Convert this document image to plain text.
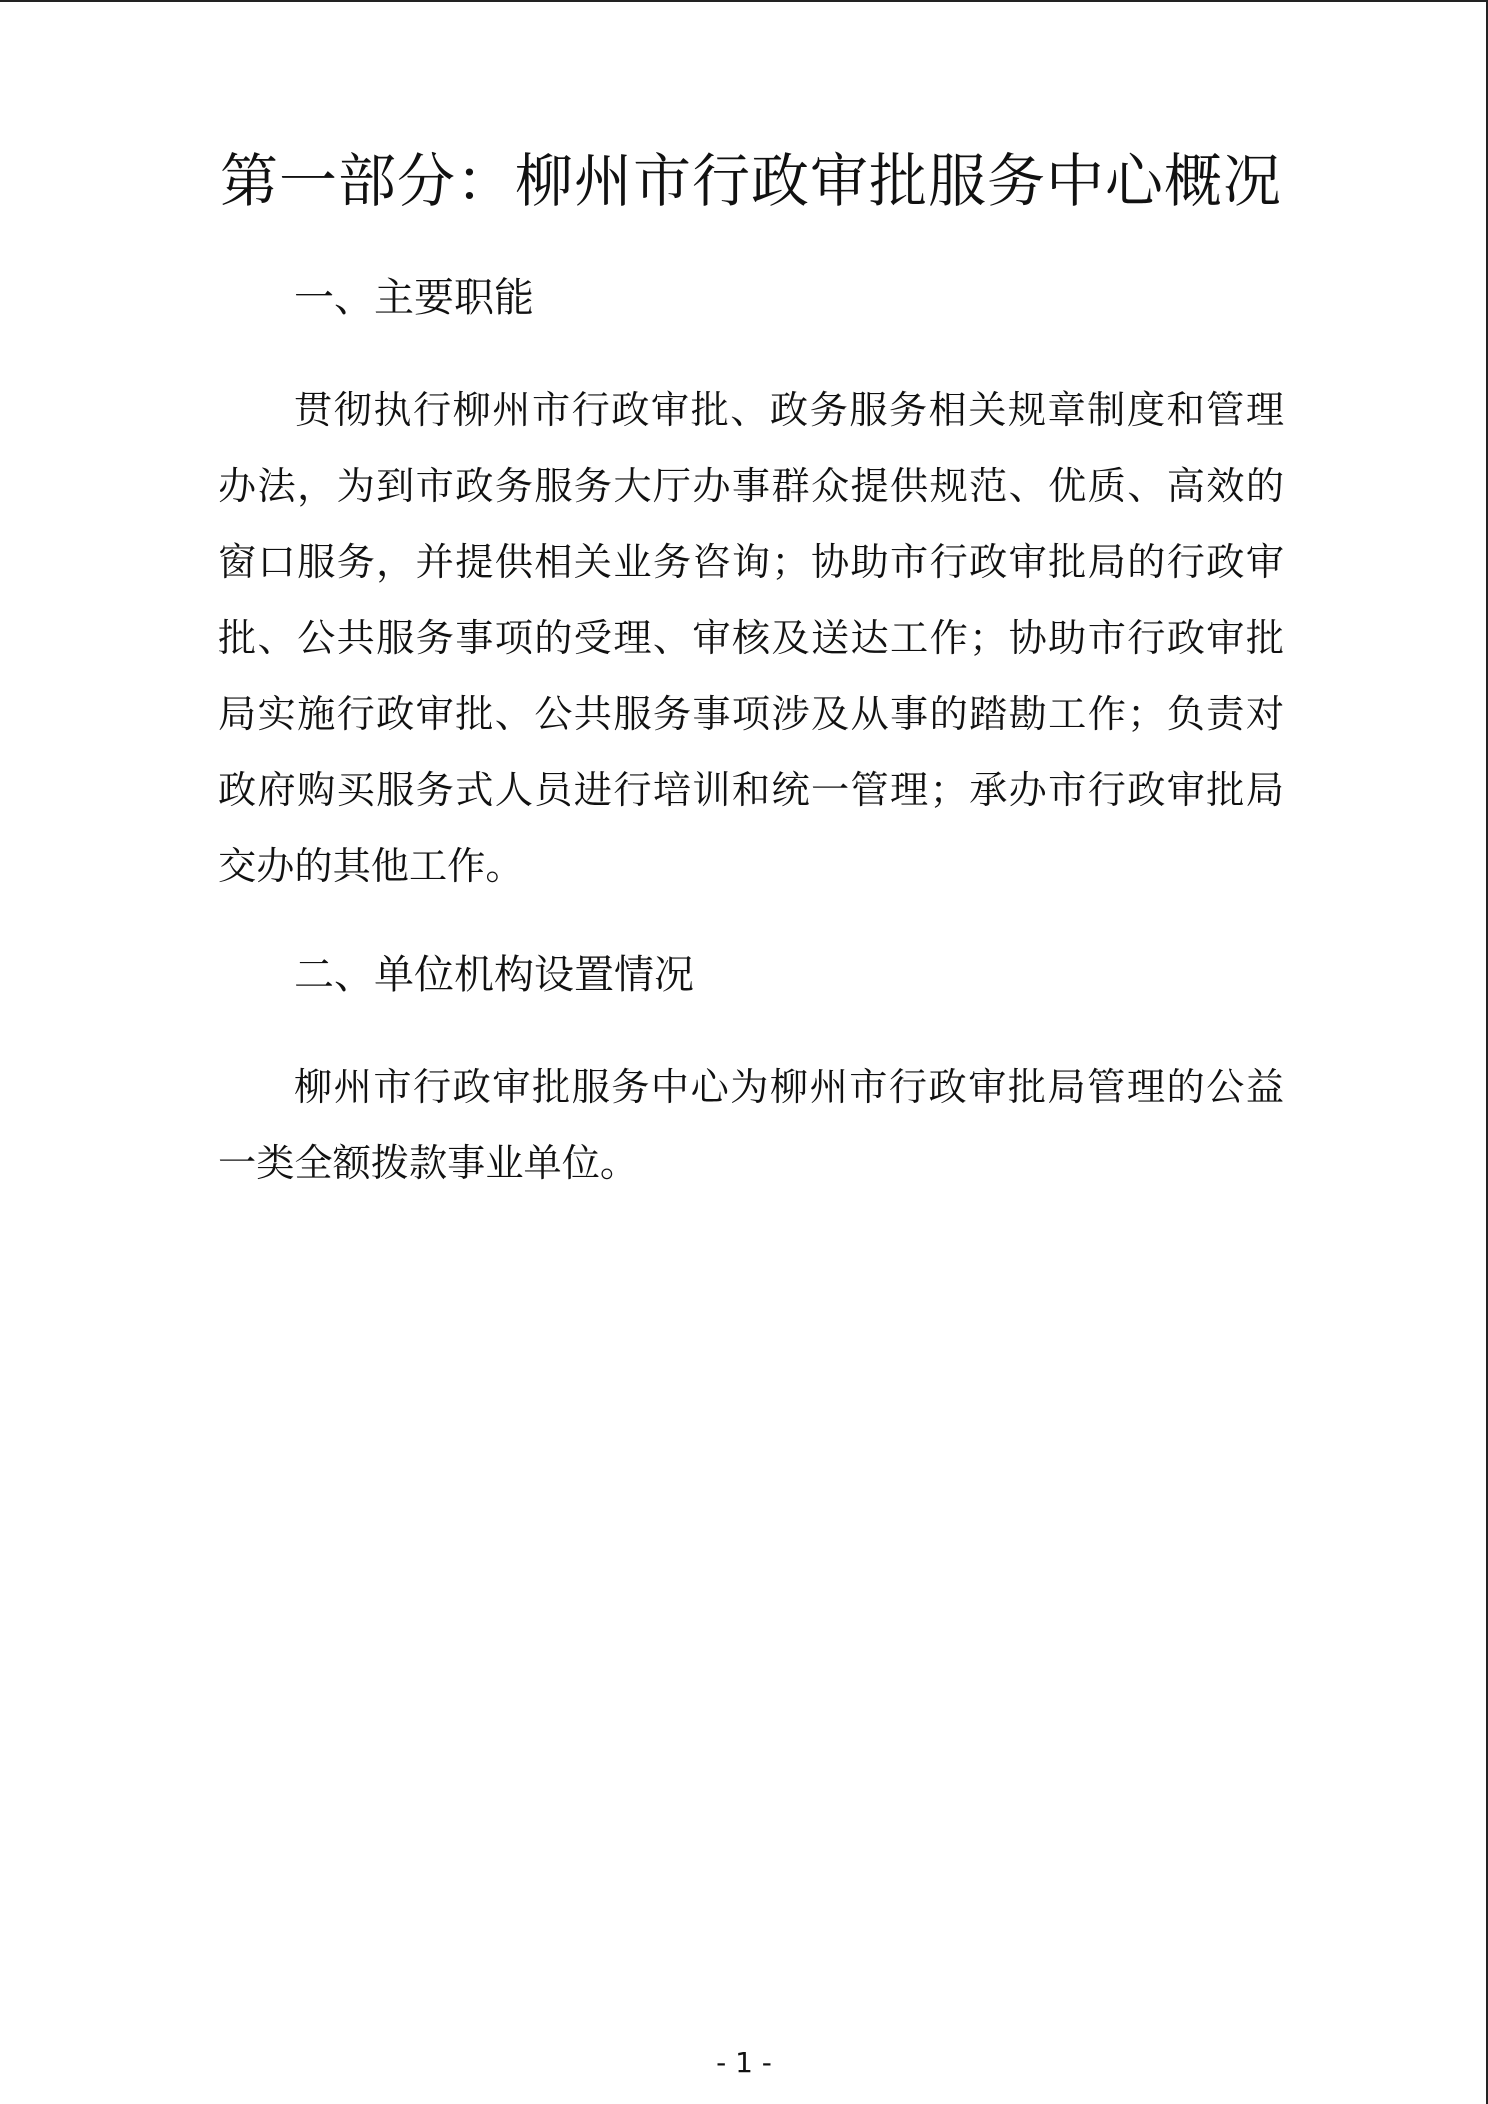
第一部分：柳州市行政审批服务中心概况
一、主要职能

贯彻执行柳州市行政审批、政务服务相关规章制度和管理办法，为到市政务服务大厅办事群众提供规范、优质、高效的窗口服务，并提供相关业务咨询；协助市行政审批局的行政审批、公共服务事项的受理、审核及送达工作；协助市行政审批局实施行政审批、公共服务事项涉及从事的踏勘工作；负责对政府购买服务式人员进行培训和统一管理；承办市行政审批局交办的其他工作。

二、单位机构设置情况

柳州市行政审批服务中心为柳州市行政审批局管理的公益一类全额拨款事业单位。

- 1 -
